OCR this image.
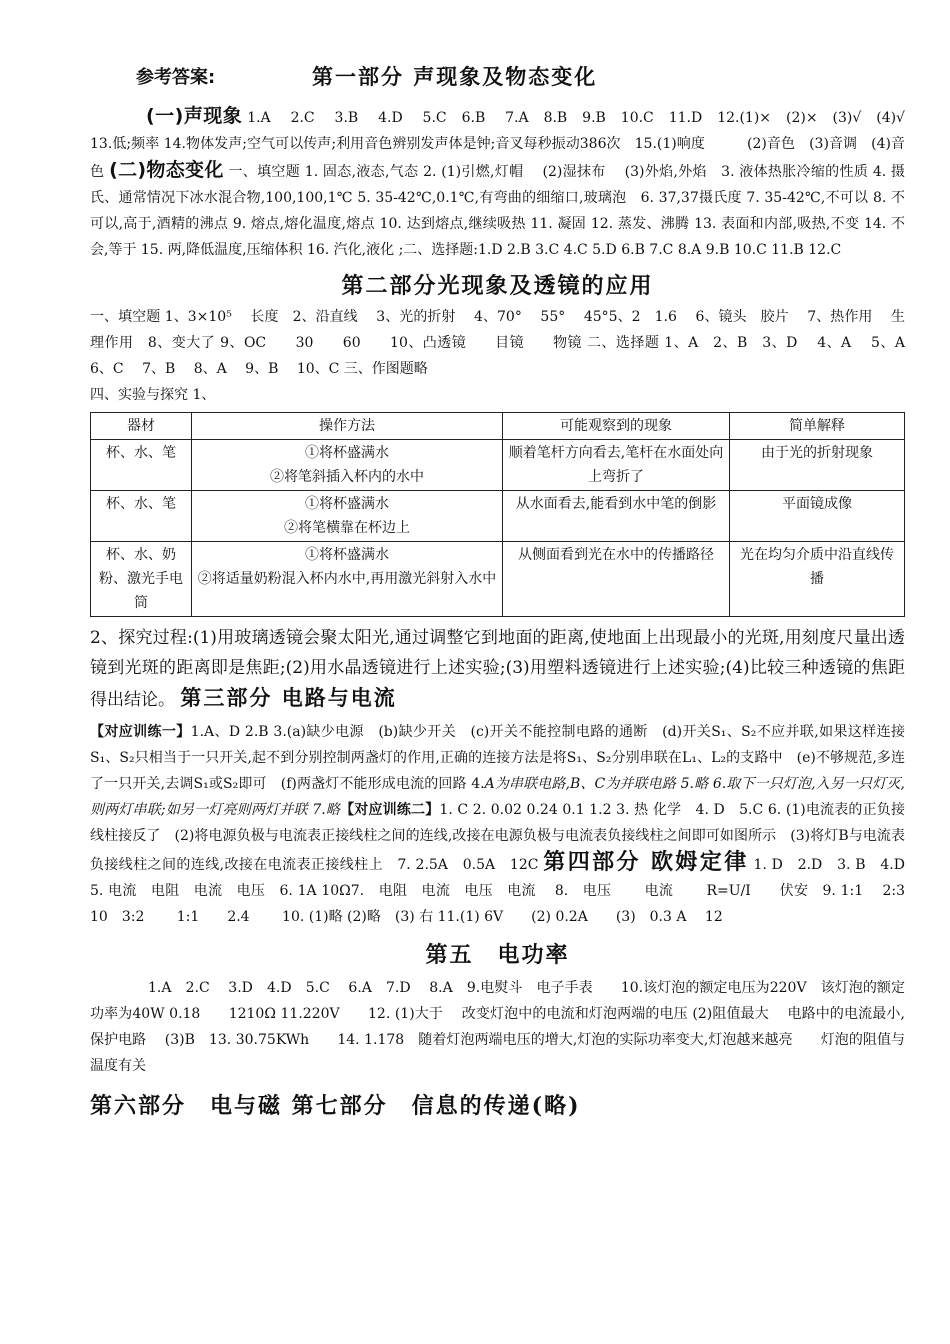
参考答案:	第一部分 声现象及物态变化

(一)声现象 1.A　 2.C　 3.B　 4.D　 5.C　6.B　 7.A　8.B　9.B　10.C　11.D　12.(1)×　(2)×　(3)√　(4)√ 13.低;频率 14.物体发声;空气可以传声;利用音色辨别发声体是钟;音叉每秒振动386次　15.(1)响度　　　(2)音色　(3)音调　(4)音色 (二)物态变化 一、填空题 1. 固态,液态,气态 2. (1)引燃,灯帽　 (2)湿抹布　 (3)外焰,外焰　3. 液体热胀冷缩的性质 4. 摄氏、通常情况下冰水混合物,100,100,1℃ 5. 35-42℃,0.1℃,有弯曲的细缩口,玻璃泡　6. 37,37摄氏度 7. 35-42℃,不可以 8. 不可以,高于,酒精的沸点 9. 熔点,熔化温度,熔点 10. 达到熔点,继续吸热 11. 凝固 12. 蒸发、沸腾 13. 表面和内部,吸热,不变 14. 不会,等于 15. 两,降低温度,压缩体积 16. 汽化,液化 ;二、选择题:1.D 2.B 3.C 4.C 5.D 6.B 7.C 8.A 9.B 10.C 11.B 12.C

第二部分光现象及透镜的应用

一、填空题 1、3×10⁵　 长度　2、沿直线　 3、光的折射　 4、70°　 55°　 45°5、2　1.6　 6、镜头　胶片　 7、热作用　 生理作用　8、变大了 9、OC　　30　　60　　10、凸透镜　　目镜　　物镜 二、选择题 1、A　2、B　3、D　 4、A　 5、A　 6、C　 7、B　 8、A　 9、B　 10、C 三、作图题略

四、实验与探究 1、

器材	操作方法	可能观察到的现象	简单解释
杯、水、笔	①将杯盛满水
②将笔斜插入杯内的水中	顺着笔杆方向看去,笔杆在水面处向上弯折了	由于光的折射现象
杯、水、笔	①将杯盛满水
②将笔横靠在杯边上	从水面看去,能看到水中笔的倒影	平面镜成像
杯、水、奶粉、激光手电筒	①将杯盛满水
②将适量奶粉混入杯内水中,再用激光斜射入水中	从侧面看到光在水中的传播路径	光在均匀介质中沿直线传播

2、探究过程:(1)用玻璃透镜会聚太阳光,通过调整它到地面的距离,使地面上出现最小的光斑,用刻度尺量出透镜到光斑的距离即是焦距;(2)用水晶透镜进行上述实验;(3)用塑料透镜进行上述实验;(4)比较三种透镜的焦距得出结论。 第三部分 电路与电流

【对应训练一】1.A、D 2.B 3.(a)缺少电源　(b)缺少开关　(c)开关不能控制电路的通断　(d)开关S₁、S₂不应并联,如果这样连接S₁、S₂只相当于一只开关,起不到分别控制两盏灯的作用,正确的连接方法是将S₁、S₂分别串联在L₁、L₂的支路中　(e)不够规范,多连了一只开关,去调S₁或S₂即可　(f)两盏灯不能形成电流的回路 4.A为串联电路,B、C为并联电路 5.略 6.取下一只灯泡,入另一只灯灭,则两灯串联;如另一灯亮则两灯并联 7.略【对应训练二】1. C 2. 0.02 0.24 0.1 1.2 3. 热 化学　4. D　5.C 6. (1)电流表的正负接线柱接反了　(2)将电源负极与电流表正接线柱之间的连线,改接在电源负极与电流表负接线柱之间即可如图所示　(3)将灯B与电流表负接线柱之间的连线,改接在电流表正接线柱上　7. 2.5A　0.5A　12C 第四部分 欧姆定律 1. D　2.D　3. B　4.D　5. 电流　电阻　电流　电压　6. 1A 10Ω7.　电阻　电流　电压　电流　 8.　电压　　 电流　　 R=U/I　　伏安　9. 1:1　 2:3　 10　3:2　　 1:1　　2.4　　 10. (1)略 (2)略　(3) 右 11.(1) 6V　　(2) 0.2A　　(3)　0.3 A　 12

第五　电功率

1.A　2.C　 3.D　4.D　5.C　 6.A　7.D　 8.A　9.电熨斗　电子手表　　10.该灯泡的额定电压为220V　该灯泡的额定功率为40W 0.18　　1210Ω 11.220V　　12. (1)大于　 改变灯泡中的电流和灯泡两端的电压 (2)阻值最大　 电路中的电流最小,保护电路　 (3)B　13. 30.75KWh　　14. 1.178　随着灯泡两端电压的增大,灯泡的实际功率变大,灯泡越来越亮　　灯泡的阻值与温度有关

第六部分　电与磁 第七部分　信息的传递(略)
